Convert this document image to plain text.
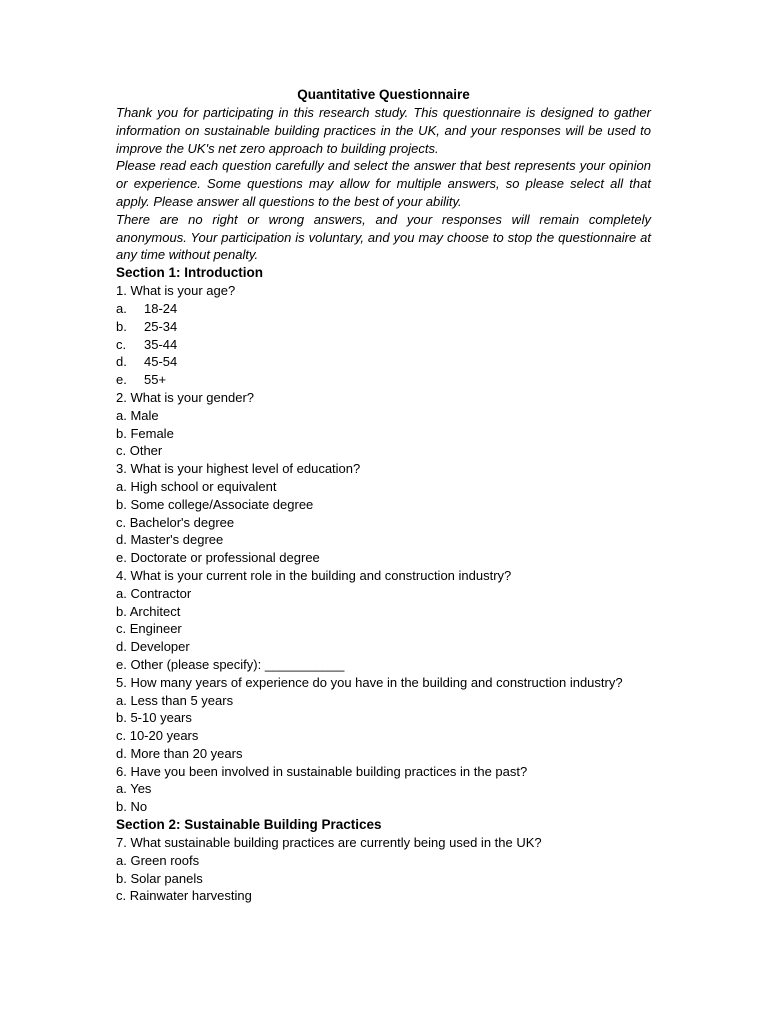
Quantitative Questionnaire

Thank you for participating in this research study. This questionnaire is designed to gather information on sustainable building practices in the UK, and your responses will be used to improve the UK's net zero approach to building projects.

Please read each question carefully and select the answer that best represents your opinion or experience. Some questions may allow for multiple answers, so please select all that apply. Please answer all questions to the best of your ability.

There are no right or wrong answers, and your responses will remain completely anonymous. Your participation is voluntary, and you may choose to stop the questionnaire at any time without penalty.

Section 1: Introduction

1. What is your age?

a. 18-24

b. 25-34

c. 35-44

d. 45-54

e. 55+

2. What is your gender?

a. Male

b. Female

c. Other

3. What is your highest level of education?

a. High school or equivalent

b. Some college/Associate degree

c. Bachelor's degree

d. Master's degree

e. Doctorate or professional degree

4. What is your current role in the building and construction industry?

a. Contractor

b. Architect

c. Engineer

d. Developer

e. Other (please specify): ___________

5. How many years of experience do you have in the building and construction industry?

a. Less than 5 years

b. 5-10 years

c. 10-20 years

d. More than 20 years

6. Have you been involved in sustainable building practices in the past?

a. Yes

b. No

Section 2: Sustainable Building Practices

7. What sustainable building practices are currently being used in the UK?

a. Green roofs

b. Solar panels

c. Rainwater harvesting
